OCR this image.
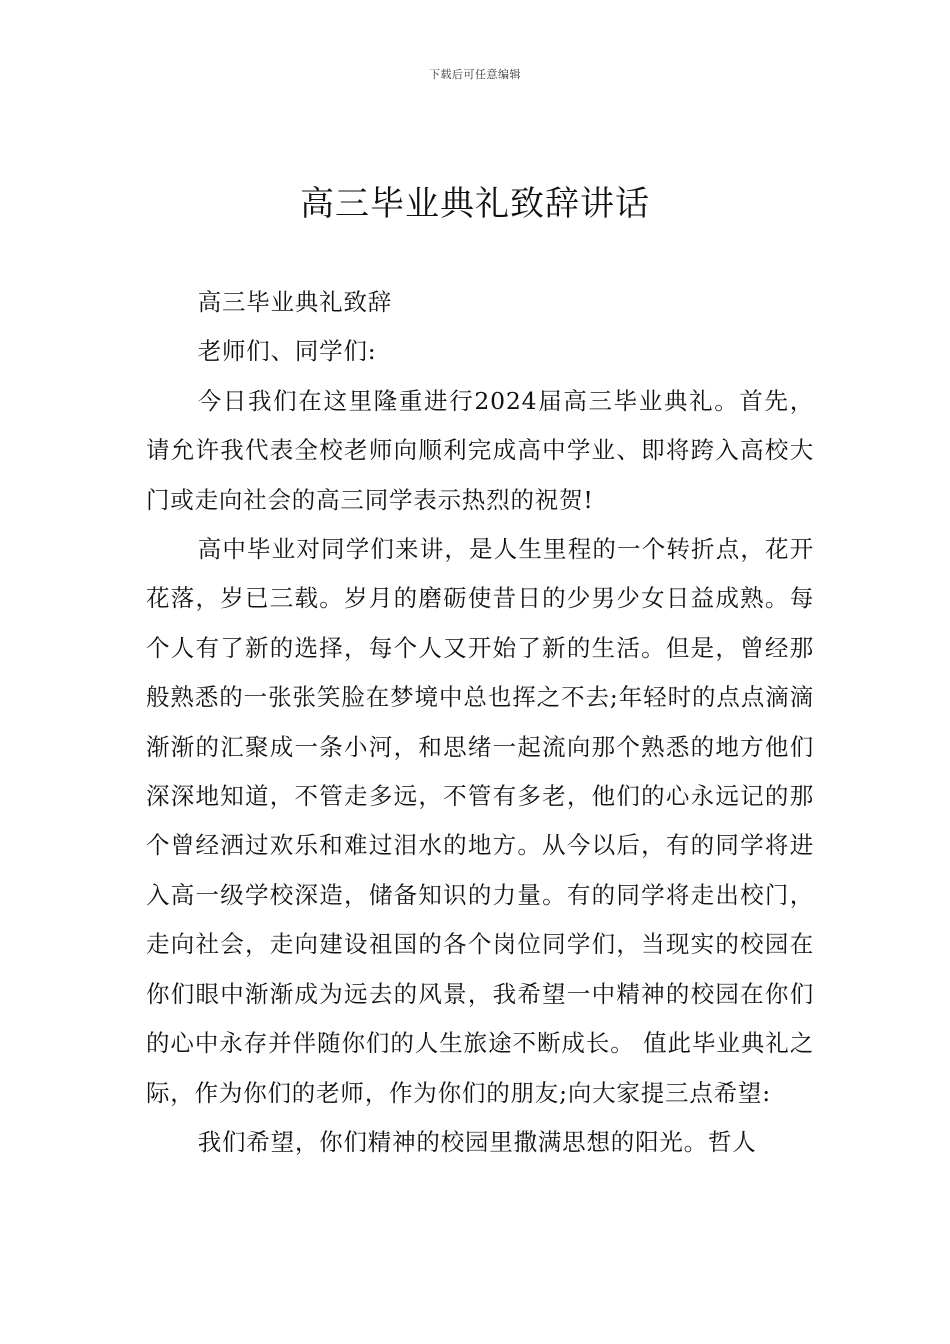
下载后可任意编辑
高三毕业典礼致辞讲话

高三毕业典礼致辞

老师们、同学们:

今日我们在这里隆重进行2024届高三毕业典礼。首先，请允许我代表全校老师向顺利完成高中学业、即将跨入高校大门或走向社会的高三同学表示热烈的祝贺!

高中毕业对同学们来讲，是人生里程的一个转折点，花开花落，岁已三载。岁月的磨砺使昔日的少男少女日益成熟。每个人有了新的选择，每个人又开始了新的生活。但是，曾经那般熟悉的一张张笑脸在梦境中总也挥之不去;年轻时的点点滴滴渐渐的汇聚成一条小河，和思绪一起流向那个熟悉的地方他们深深地知道，不管走多远，不管有多老，他们的心永远记的那个曾经洒过欢乐和难过泪水的地方。从今以后，有的同学将进入高一级学校深造，储备知识的力量。有的同学将走出校门，走向社会，走向建设祖国的各个岗位同学们，当现实的校园在你们眼中渐渐成为远去的风景，我希望一中精神的校园在你们的心中永存并伴随你们的人生旅途不断成长。 值此毕业典礼之际，作为你们的老师，作为你们的朋友;向大家提三点希望:

我们希望，你们精神的校园里撒满思想的阳光。哲人
